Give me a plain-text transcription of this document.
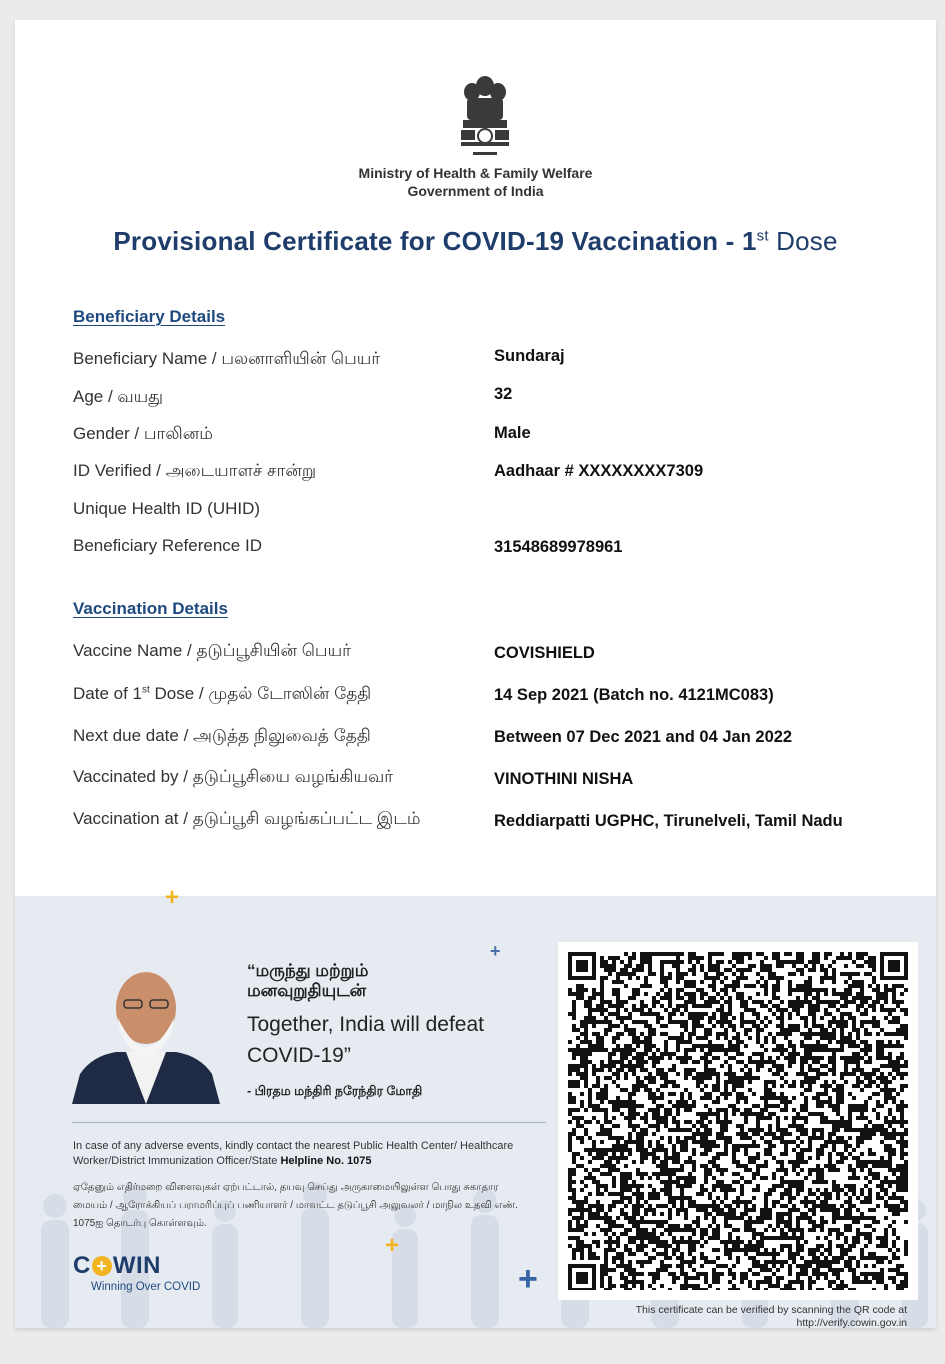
Ministry of Health & Family Welfare
Government of India
Provisional Certificate for COVID-19 Vaccination - 1st Dose
Beneficiary Details
Beneficiary Name / பலனாளியின் பெயர்	Sundaraj
Age / வயது	32
Gender / பாலினம்	Male
ID Verified / அடையாளச் சான்று	Aadhaar # XXXXXXXX7309
Unique Health ID (UHID)
Beneficiary Reference ID	31548689978961
Vaccination Details
Vaccine Name / தடுப்பூசியின் பெயர்	COVISHIELD
Date of 1st Dose / முதல் டோஸின் தேதி	14 Sep 2021 (Batch no. 4121MC083)
Next due date / அடுத்த நிலுவைத் தேதி	Between 07 Dec 2021 and 04 Jan 2022
Vaccinated by / தடுப்பூசியை வழங்கியவர்	VINOTHINI NISHA
Vaccination at / தடுப்பூசி வழங்கப்பட்ட இடம்	Reddiarpatti UGPHC, Tirunelveli, Tamil Nadu
+
+
+
+
“மருந்து மற்றும்
மனவுறுதியுடன்
Together, India will defeat COVID-19”
- பிரதம மந்திரி நரேந்திர மோதி
In case of any adverse events, kindly contact the nearest Public Health Center/ Healthcare Worker/District Immunization Officer/State Helpline No. 1075
ஏதேனும் எதிர்மறை விளைவுகள் ஏற்பட்டால், தயவு செய்து அருகாமையிலுள்ள பொது சுகாதார மையம் / ஆரோக்கியப் பராமரிப்புப் பணியாளர் / மாவட்ட தடுப்பூசி அலுவலர் / மாநில உதவி எண். 1075ஐ தொடர்பு கொள்ளவும்.
C + WIN
Winning Over COVID
This certificate can be verified by scanning the QR code at
http://verify.cowin.gov.in
